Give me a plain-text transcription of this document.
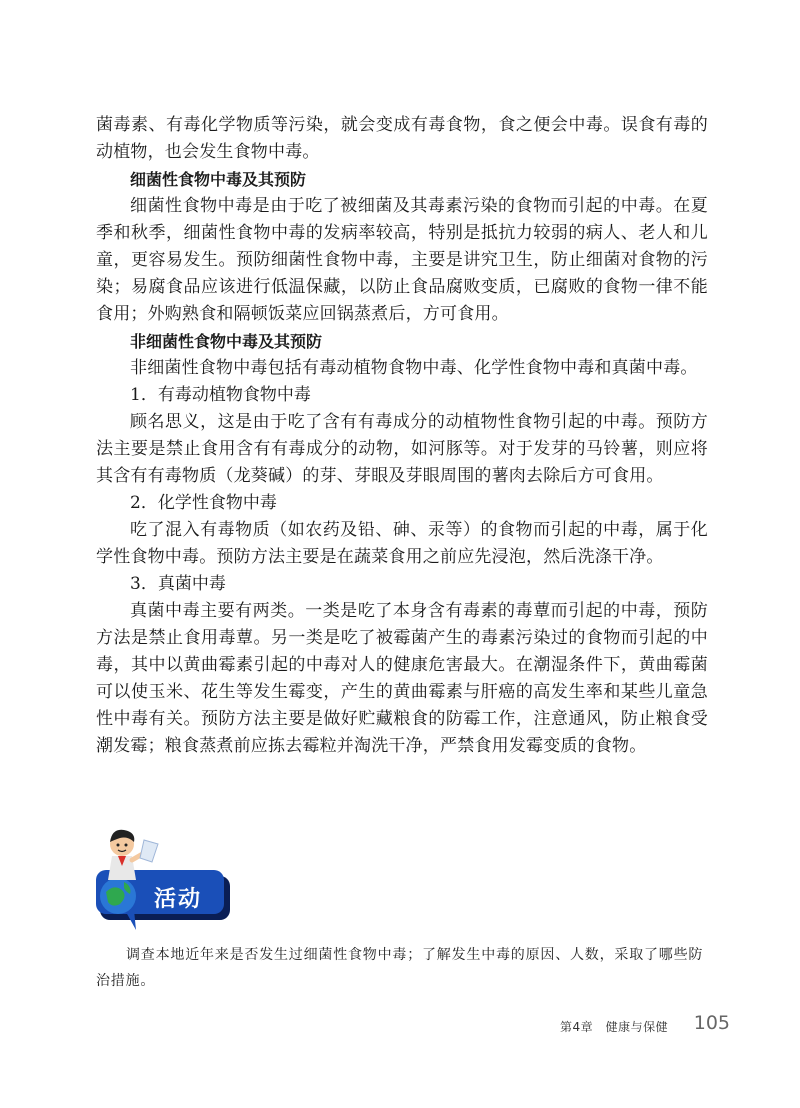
菌毒素、有毒化学物质等污染，就会变成有毒食物，食之便会中毒。误食有毒的动植物，也会发生食物中毒。

细菌性食物中毒及其预防

细菌性食物中毒是由于吃了被细菌及其毒素污染的食物而引起的中毒。在夏季和秋季，细菌性食物中毒的发病率较高，特别是抵抗力较弱的病人、老人和儿童，更容易发生。预防细菌性食物中毒，主要是讲究卫生，防止细菌对食物的污染；易腐食品应该进行低温保藏，以防止食品腐败变质，已腐败的食物一律不能食用；外购熟食和隔顿饭菜应回锅蒸煮后，方可食用。

非细菌性食物中毒及其预防

非细菌性食物中毒包括有毒动植物食物中毒、化学性食物中毒和真菌中毒。

1．有毒动植物食物中毒

顾名思义，这是由于吃了含有有毒成分的动植物性食物引起的中毒。预防方法主要是禁止食用含有有毒成分的动物，如河豚等。对于发芽的马铃薯，则应将其含有有毒物质（龙葵碱）的芽、芽眼及芽眼周围的薯肉去除后方可食用。

2．化学性食物中毒

吃了混入有毒物质（如农药及铅、砷、汞等）的食物而引起的中毒，属于化学性食物中毒。预防方法主要是在蔬菜食用之前应先浸泡，然后洗涤干净。

3．真菌中毒

真菌中毒主要有两类。一类是吃了本身含有毒素的毒蕈而引起的中毒，预防方法是禁止食用毒蕈。另一类是吃了被霉菌产生的毒素污染过的食物而引起的中毒，其中以黄曲霉素引起的中毒对人的健康危害最大。在潮湿条件下，黄曲霉菌可以使玉米、花生等发生霉变，产生的黄曲霉素与肝癌的高发生率和某些儿童急性中毒有关。预防方法主要是做好贮藏粮食的防霉工作，注意通风，防止粮食受潮发霉；粮食蒸煮前应拣去霉粒并淘洗干净，严禁食用发霉变质的食物。

活动

调查本地近年来是否发生过细菌性食物中毒；了解发生中毒的原因、人数，采取了哪些防治措施。

第4章　健康与保健 105
